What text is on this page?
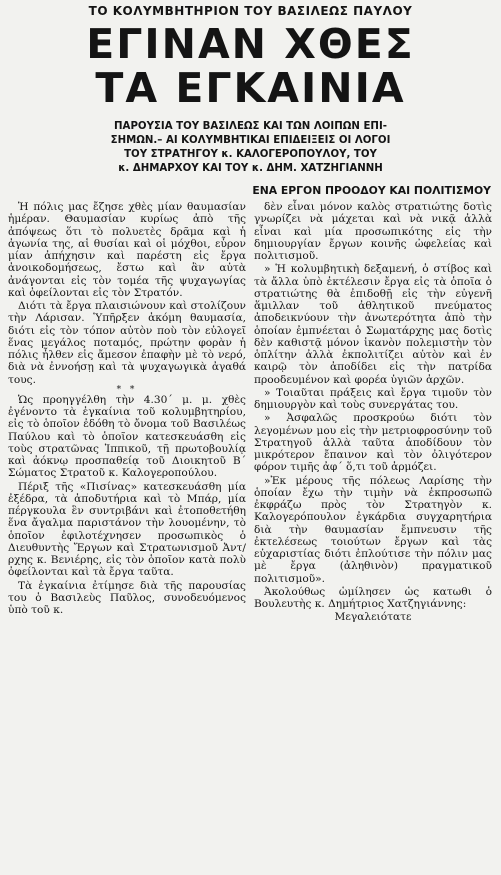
ΤΟ ΚΟΛΥΜΒΗΤΗΡΙΟΝ ΤΟΥ ΒΑΣΙΛΕΩΣ ΠΑΥΛΟΥ
ΕΓΙΝΑΝ ΧΘΕΣ
ΤΑ ΕΓΚΑΙΝΙΑ
ΠΑΡΟΥΣΙΑ ΤΟΥ ΒΑΣΙΛΕΩΣ ΚΑΙ ΤΩΝ ΛΟΙΠΩΝ ΕΠΙ-
ΣΗΜΩΝ.– ΑΙ ΚΟΛΥΜΒΗΤΙΚΑΙ ΕΠΙΔΕΙΞΕΙΣ ΟΙ ΛΟΓΟΙ
ΤΟΥ ΣΤΡΑΤΗΓΟΥ κ. ΚΑΛΟΓΕΡΟΠΟΥΛΟΥ, ΤΟΥ
κ. ΔΗΜΑΡΧΟΥ ΚΑΙ ΤΟΥ κ. ΔΗΜ. ΧΑΤΖΗΓΙΑΝΝΗ
ΕΝΑ ΕΡΓΟΝ ΠΡΟΟΔΟΥ ΚΑΙ ΠΟΛΙΤΙΣΜΟΥ

Ἡ πόλις μας ἔζησε χθὲς μίαν θαυμασίαν ἡμέραν. Θαυμασίαν κυρίως ἀπὸ τῆς ἀπόψεως ὅτι τὸ πολυετὲς δρᾶμα καὶ ἡ ἀγωνία της, αἱ θυσίαι καὶ οἱ μόχθοι, εὗρον μίαν ἀπήχησιν καὶ παρέστη εἰς ἔργα ἀνοικοδομήσεως, ἔστω καὶ ἂν αὐτὰ ἀνάγονται εἰς τὸν τομέα τῆς ψυχαγωγίας καὶ ὀφείλονται εἰς τὸν Στρατόν.

Διότι τὰ ἔργα πλαισιώνουν καὶ στολίζουν τὴν Λάρισαν. Ὑπῆρξεν ἀκόμη θαυμασία, διότι εἰς τὸν τόπον αὐτὸν ποὺ τὸν εὐλογεῖ ἕνας μεγάλος ποταμός, πρώτην φορὰν ἡ πόλις ἦλθεν εἰς ἄμεσον ἐπαφὴν μὲ τὸ νερό, διὰ νὰ ἐννοήσῃ καὶ τὰ ψυχαγωγικὰ ἀγαθά τους.

* *

Ὡς προηγγέλθη τὴν 4.30΄ μ. μ. χθὲς ἐγένοντο τὰ ἐγκαίνια τοῦ κολυμβητηρίου, εἰς τὸ ὁποῖον ἐδόθη τὸ ὄνομα τοῦ Βασιλέως Παύλου καὶ τὸ ὁποῖον κατεσκευάσθη εἰς τοὺς στρατῶνας Ἱππικοῦ, τῇ πρωτοβουλίᾳ καὶ ἀόκνῳ προσπαθείᾳ τοῦ Διοικητοῦ Β΄ Σώματος Στρατοῦ κ. Καλογεροπούλου.

Πέριξ τῆς «Πισίνας» κατεσκευάσθη μία ἐξέδρα, τὰ ἀποδυτήρια καὶ τὸ Μπάρ, μία πέργκουλα ἓν συντριβάνι καὶ ἐτοποθετήθη ἕνα ἄγαλμα παριστάνον τὴν λουομένην, τὸ ὁποῖον ἐφιλοτέχνησεν προσωπικὸς ὁ Διευθυντὴς Ἔργων καὶ Στρατωνισμοῦ Ἀντ/ρχης κ. Βενιέρης, εἰς τὸν ὁποῖον κατὰ πολὺ ὀφείλονται καὶ τὰ ἔργα ταῦτα.

Τὰ ἐγκαίνια ἐτίμησε διὰ τῆς παρουσίας του ὁ Βασιλεὺς Παῦλος, συνοδευόμενος ὑπὸ τοῦ κ.

δὲν εἶναι μόνον καλὸς στρατιώτης δοτὶς γνωρίζει νὰ μάχεται καὶ νὰ νικᾷ ἀλλὰ εἶναι καὶ μία προσωπικότης εἰς τὴν δημιουργίαν ἔργων κοινῆς ὠφελείας καὶ πολιτισμοῦ.

» Ἡ κολυμβητικὴ δεξαμενή, ὁ στίβος καὶ τὰ ἄλλα ὑπὸ ἐκτέλεσιν ἔργα εἰς τὰ ὁποῖα ὁ στρατιώτης θὰ ἐπιδοθῇ εἰς τὴν εὐγενῆ ἅμιλλαν τοῦ ἀθλητικοῦ πνεύματος ἀποδεικνύουν τὴν ἀνωτερότητα ἀπὸ τὴν ὁποίαν ἐμπνέεται ὁ Σωματάρχης μας δοτὶς δὲν καθιστᾷ μόνον ἱκανὸν πολεμιστὴν τὸν ὁπλίτην ἀλλὰ ἐκπολιτίζει αὐτὸν καὶ ἐν καιρῷ τὸν ἀποδίδει εἰς τὴν πατρίδα προοδευμένον καὶ φορέα ὑγιῶν ἀρχῶν.

» Τοιαῦται πράξεις καὶ ἔργα τιμοῦν τὸν δημιουργὸν καὶ τοὺς συνεργάτας του.

» Ἀσφαλῶς προσκρούω διότι τὸν λεγομένων μου εἰς τὴν μετριοφροσύνην τοῦ Στρατηγοῦ ἀλλὰ ταῦτα ἀποδίδουν τὸν μικρότερον ἔπαινον καὶ τὸν ὀλιγότερον φόρον τιμῆς ἀφ΄ ὅ,τι τοῦ ἁρμόζει.

»Ἐκ μέρους τῆς πόλεως Λαρίσης τὴν ὁποίαν ἔχω τὴν τιμὴν νὰ ἐκπροσωπῶ ἐκφράζω πρὸς τὸν Στρατηγὸν κ. Καλογερόπουλον ἐγκάρδια συγχαρητήρια διὰ τὴν θαυμασίαν ἔμπνευσιν τῆς ἐκτελέσεως τοιούτων ἔργων καὶ τὰς εὐχαριστίας διότι ἐπλούτισε τὴν πόλιν μας μὲ ἔργα (ἀληθινὸν) πραγματικοῦ πολιτισμοῦ».

Ἀκολούθως ὡμίλησεν ὡς κατωθι ὁ Βουλευτὴς κ. Δημήτριος Χατζηγιάννης:

Μεγαλειότατε
